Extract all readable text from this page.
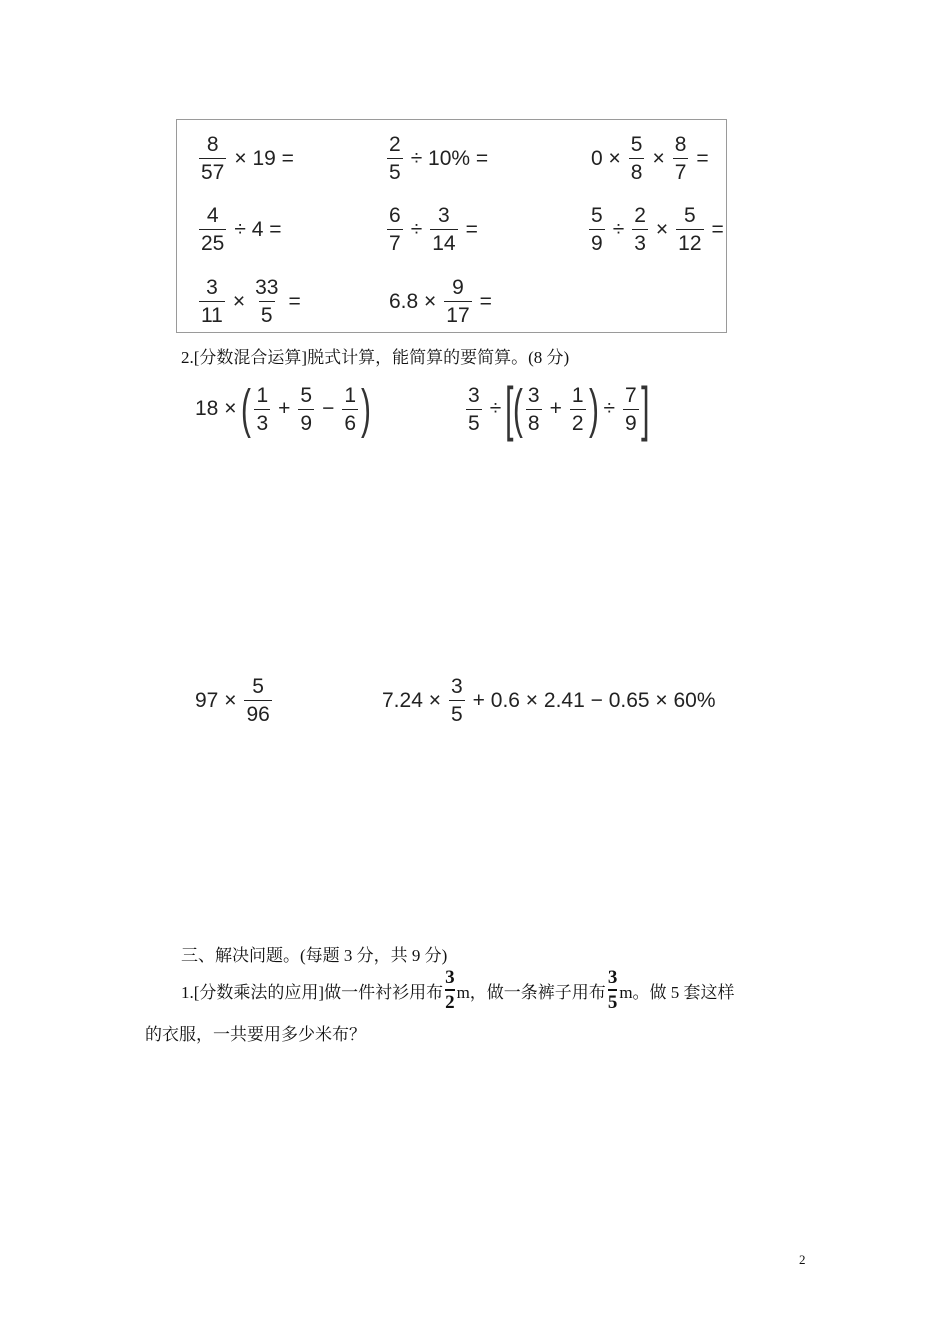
$\frac{8}{57} \times 19$ =	$\frac{2}{5} \div 10\%$ =	$0 \times \frac{5}{8} \times \frac{8}{7}$ =
$\frac{4}{25} \div 4$ =	$\frac{6}{7} \div \frac{3}{14}$ =	$\frac{5}{9} \div \frac{2}{3} \times \frac{5}{12}$ =
$\frac{3}{11} \times \frac{33}{5}$ =	$6.8 \times \frac{9}{17}$ =
2.[分数混合运算]脱式计算，能简算的要简算。(8 分)
18 × ( $\frac{1}{3} + \frac{5}{9} - \frac{1}{6}$ )	$\frac{3}{5}$ ÷ [ ( $\frac{3}{8} + \frac{1}{2}$ ) ÷ $\frac{7}{9}$ ]
$97 \times \frac{5}{96}$	$7.24 \times \frac{3}{5} + 0.6 \times 2.41 - 0.65 \times 60\%$
三、解决问题。(每题 3 分，共 9 分)
1.[分数乘法的应用]做一件衬衫用布 $\frac{3}{2}$ m，做一条裤子用布 $\frac{3}{5}$ m。做 5 套这样
的衣服，一共要用多少米布？
2
